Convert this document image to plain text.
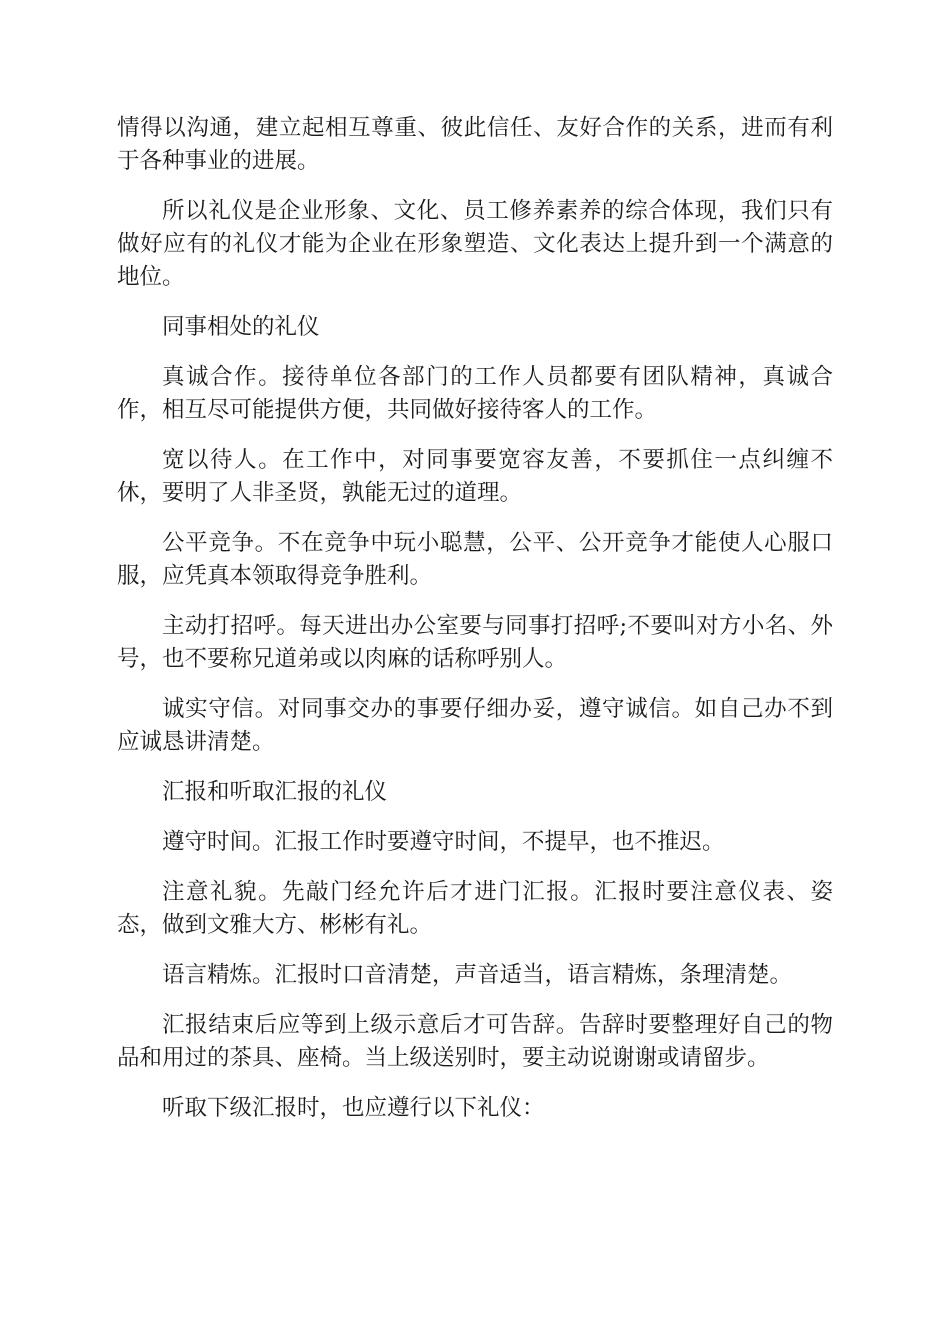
情得以沟通，建立起相互尊重、彼此信任、友好合作的关系，进而有利于各种事业的进展。

所以礼仪是企业形象、文化、员工修养素养的综合体现，我们只有做好应有的礼仪才能为企业在形象塑造、文化表达上提升到一个满意的地位。

同事相处的礼仪

真诚合作。接待单位各部门的工作人员都要有团队精神，真诚合作，相互尽可能提供方便，共同做好接待客人的工作。

宽以待人。在工作中，对同事要宽容友善，不要抓住一点纠缠不休，要明了人非圣贤，孰能无过的道理。

公平竞争。不在竞争中玩小聪慧，公平、公开竞争才能使人心服口服，应凭真本领取得竞争胜利。

主动打招呼。每天进出办公室要与同事打招呼;不要叫对方小名、外号，也不要称兄道弟或以肉麻的话称呼别人。

诚实守信。对同事交办的事要仔细办妥，遵守诚信。如自己办不到应诚恳讲清楚。

汇报和听取汇报的礼仪

遵守时间。汇报工作时要遵守时间，不提早，也不推迟。

注意礼貌。先敲门经允许后才进门汇报。汇报时要注意仪表、姿态，做到文雅大方、彬彬有礼。

语言精炼。汇报时口音清楚，声音适当，语言精炼，条理清楚。

汇报结束后应等到上级示意后才可告辞。告辞时要整理好自己的物品和用过的茶具、座椅。当上级送别时，要主动说谢谢或请留步。

听取下级汇报时，也应遵行以下礼仪：
